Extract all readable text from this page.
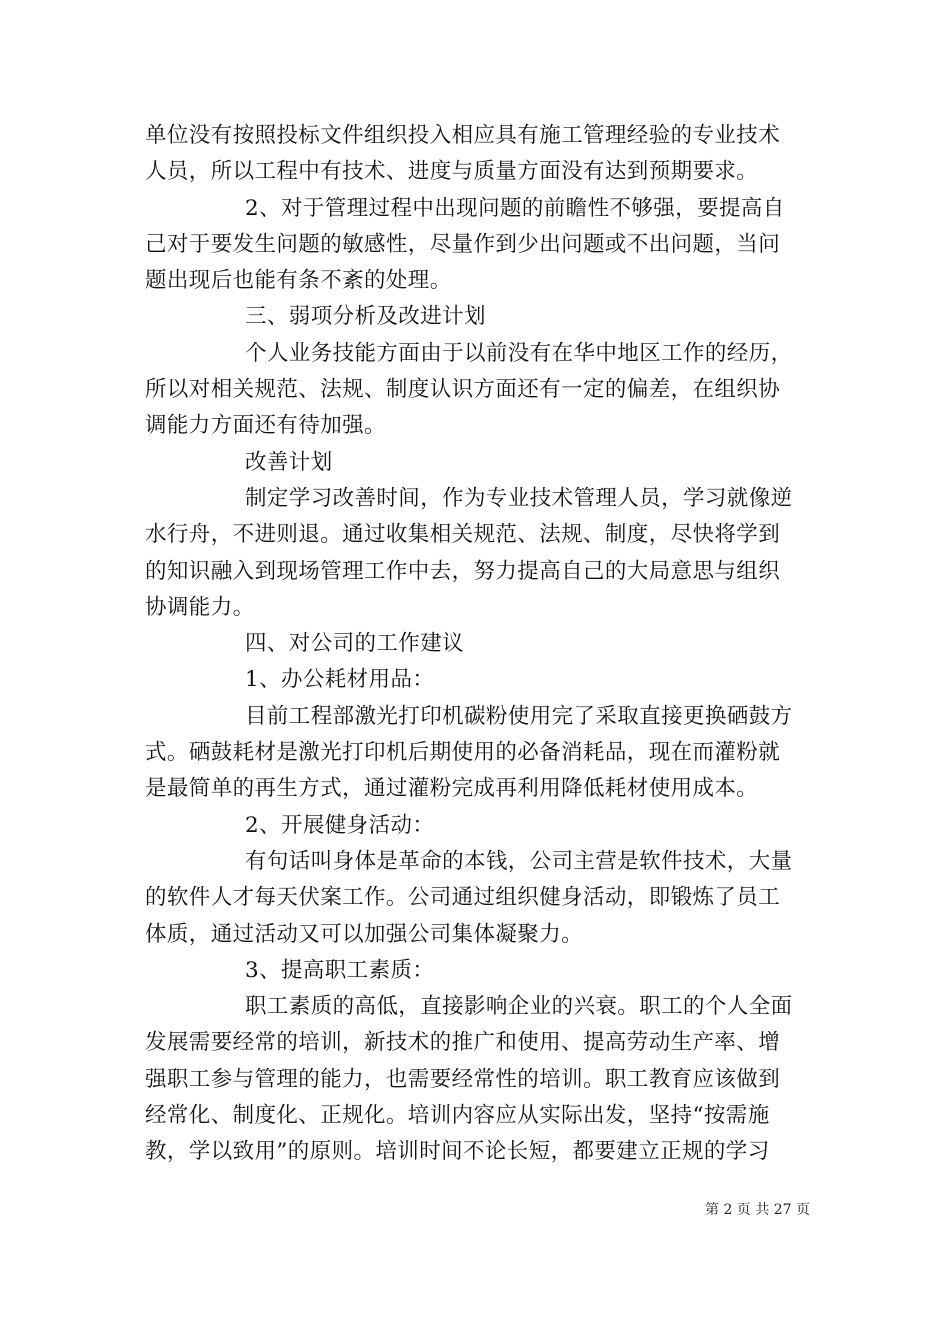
单位没有按照投标文件组织投入相应具有施工管理经验的专业技术
人员，所以工程中有技术、进度与质量方面没有达到预期要求。
2、对于管理过程中出现问题的前瞻性不够强，要提高自
己对于要发生问题的敏感性，尽量作到少出问题或不出问题，当问
题出现后也能有条不紊的处理。
三、弱项分析及改进计划
个人业务技能方面由于以前没有在华中地区工作的经历，
所以对相关规范、法规、制度认识方面还有一定的偏差，在组织协
调能力方面还有待加强。
改善计划
制定学习改善时间，作为专业技术管理人员，学习就像逆
水行舟，不进则退。通过收集相关规范、法规、制度，尽快将学到
的知识融入到现场管理工作中去，努力提高自己的大局意思与组织
协调能力。
四、对公司的工作建议
1、办公耗材用品：
目前工程部激光打印机碳粉使用完了采取直接更换硒鼓方
式。硒鼓耗材是激光打印机后期使用的必备消耗品，现在而灌粉就
是最简单的再生方式，通过灌粉完成再利用降低耗材使用成本。
2、开展健身活动：
有句话叫身体是革命的本钱，公司主营是软件技术，大量
的软件人才每天伏案工作。公司通过组织健身活动，即锻炼了员工
体质，通过活动又可以加强公司集体凝聚力。
3、提高职工素质：
职工素质的高低，直接影响企业的兴衰。职工的个人全面
发展需要经常的培训，新技术的推广和使用、提高劳动生产率、增
强职工参与管理的能力，也需要经常性的培训。职工教育应该做到
经常化、制度化、正规化。培训内容应从实际出发，坚持“按需施
教，学以致用”的原则。培训时间不论长短，都要建立正规的学习
第 2 页 共 27 页
